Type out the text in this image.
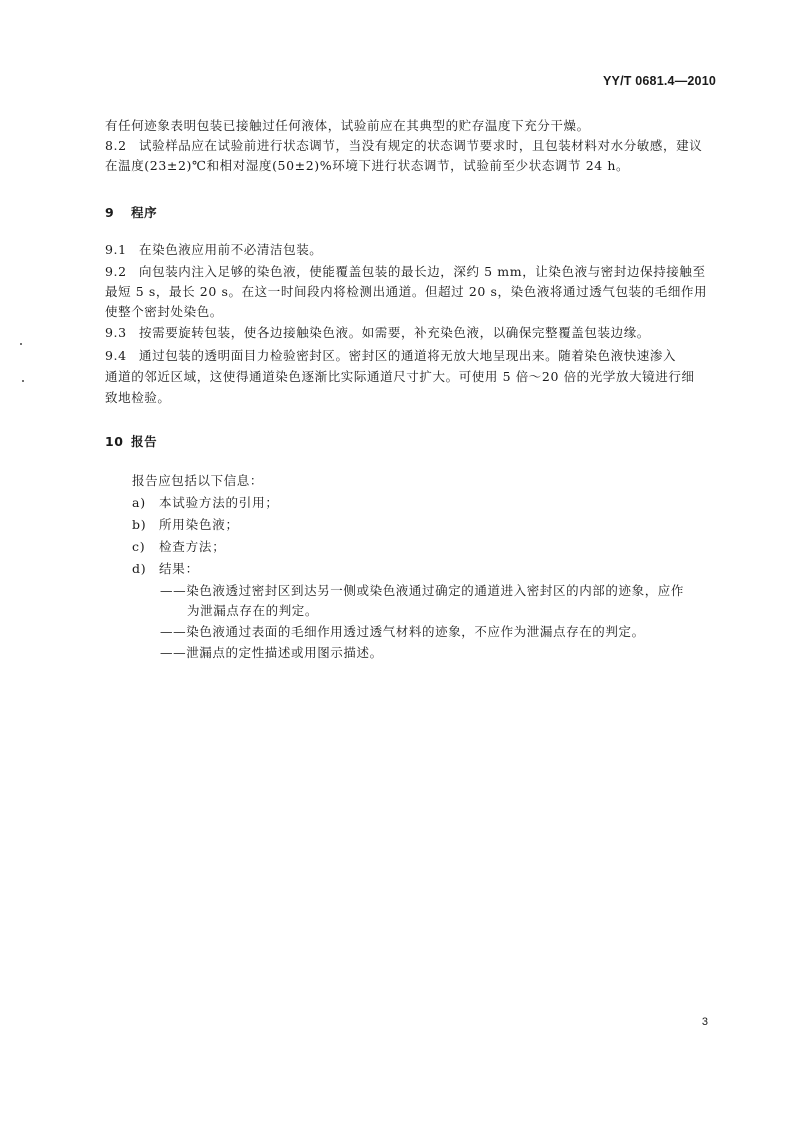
YY/T 0681.4—2010
有任何迹象表明包装已接触过任何液体，试验前应在其典型的贮存温度下充分干燥。
8.2 试验样品应在试验前进行状态调节，当没有规定的状态调节要求时，且包装材料对水分敏感，建议
在温度(23±2)℃和相对湿度(50±2)%环境下进行状态调节，试验前至少状态调节 24 h。
9 程序
9.1 在染色液应用前不必清洁包装。
9.2 向包装内注入足够的染色液，使能覆盖包装的最长边，深约 5 mm，让染色液与密封边保持接触至
最短 5 s，最长 20 s。在这一时间段内将检测出通道。但超过 20 s，染色液将通过透气包装的毛细作用
使整个密封处染色。
9.3 按需要旋转包装，使各边接触染色液。如需要，补充染色液，以确保完整覆盖包装边缘。
9.4 通过包装的透明面目力检验密封区。密封区的通道将无放大地呈现出来。随着染色液快速渗入
通道的邻近区域，这使得通道染色逐渐比实际通道尺寸扩大。可使用 5 倍～20 倍的光学放大镜进行细
致地检验。
10 报告
报告应包括以下信息：
a) 本试验方法的引用；
b) 所用染色液；
c) 检查方法；
d) 结果：
——染色液透过密封区到达另一侧或染色液通过确定的通道进入密封区的内部的迹象，应作
为泄漏点存在的判定。
——染色液通过表面的毛细作用透过透气材料的迹象，不应作为泄漏点存在的判定。
——泄漏点的定性描述或用图示描述。
3
